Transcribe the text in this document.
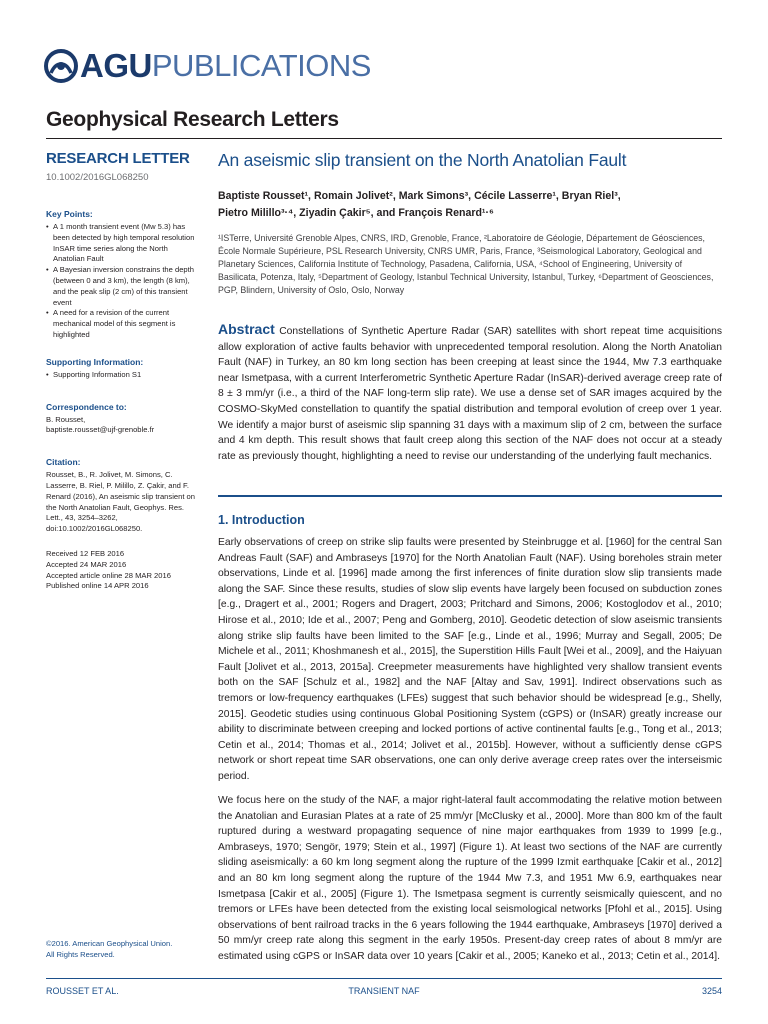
AGU PUBLICATIONS
Geophysical Research Letters
RESEARCH LETTER
10.1002/2016GL068250
Key Points:
• A 1 month transient event (Mw 5.3) has been detected by high temporal resolution InSAR time series along the North Anatolian Fault
• A Bayesian inversion constrains the depth (between 0 and 3 km), the length (8 km), and the peak slip (2 cm) of this transient event
• A need for a revision of the current mechanical model of this segment is highlighted
Supporting Information:
• Supporting Information S1
Correspondence to:
B. Rousset,
baptiste.rousset@ujf-grenoble.fr
Citation:
Rousset, B., R. Jolivet, M. Simons, C. Lasserre, B. Riel, P. Milillo, Z. Çakir, and F. Renard (2016), An aseismic slip transient on the North Anatolian Fault, Geophys. Res. Lett., 43, 3254–3262, doi:10.1002/2016GL068250.
Received 12 FEB 2016
Accepted 24 MAR 2016
Accepted article online 28 MAR 2016
Published online 14 APR 2016
©2016. American Geophysical Union.
All Rights Reserved.
An aseismic slip transient on the North Anatolian Fault
Baptiste Rousset¹, Romain Jolivet², Mark Simons³, Cécile Lasserre¹, Bryan Riel³,
Pietro Milillo³·⁴, Ziyadin Çakir⁵, and François Renard¹·⁶
¹ISTerre, Université Grenoble Alpes, CNRS, IRD, Grenoble, France, ²Laboratoire de Géologie, Département de Géosciences, École Normale Supérieure, PSL Research University, CNRS UMR, Paris, France, ³Seismological Laboratory, Geological and Planetary Sciences, California Institute of Technology, Pasadena, California, USA, ⁴School of Engineering, University of Basilicata, Potenza, Italy, ⁵Department of Geology, Istanbul Technical University, Istanbul, Turkey, ⁶Department of Geosciences, PGP, Blindern, University of Oslo, Oslo, Norway
Abstract Constellations of Synthetic Aperture Radar (SAR) satellites with short repeat time acquisitions allow exploration of active faults behavior with unprecedented temporal resolution. Along the North Anatolian Fault (NAF) in Turkey, an 80 km long section has been creeping at least since the 1944, Mw 7.3 earthquake near Ismetpasa, with a current Interferometric Synthetic Aperture Radar (InSAR)-derived average creep rate of 8 ± 3 mm/yr (i.e., a third of the NAF long-term slip rate). We use a dense set of SAR images acquired by the COSMO-SkyMed constellation to quantify the spatial distribution and temporal evolution of creep over 1 year. We identify a major burst of aseismic slip spanning 31 days with a maximum slip of 2 cm, between the surface and 4 km depth. This result shows that fault creep along this section of the NAF does not occur at a steady rate as previously thought, highlighting a need to revise our understanding of the underlying fault mechanics.
1. Introduction
Early observations of creep on strike slip faults were presented by Steinbrugge et al. [1960] for the central San Andreas Fault (SAF) and Ambraseys [1970] for the North Anatolian Fault (NAF). Using boreholes strain meter observations, Linde et al. [1996] made among the first inferences of finite duration slow slip transients made along the SAF. Since these results, studies of slow slip events have largely been focused on subduction zones [e.g., Dragert et al., 2001; Rogers and Dragert, 2003; Pritchard and Simons, 2006; Kostoglodov et al., 2010; Hirose et al., 2010; Ide et al., 2007; Peng and Gomberg, 2010]. Geodetic detection of slow aseismic transients along strike slip faults have been limited to the SAF [e.g., Linde et al., 1996; Murray and Segall, 2005; De Michele et al., 2011; Khoshmanesh et al., 2015], the Superstition Hills Fault [Wei et al., 2009], and the Haiyuan Fault [Jolivet et al., 2013, 2015a]. Creepmeter measurements have highlighted very shallow transient events both on the SAF [Schulz et al., 1982] and the NAF [Altay and Sav, 1991]. Indirect observations such as tremors or low-frequency earthquakes (LFEs) suggest that such behavior should be widespread [e.g., Shelly, 2015]. Geodetic studies using continuous Global Positioning System (cGPS) or (InSAR) greatly increase our ability to discriminate between creeping and locked portions of active continental faults [e.g., Tong et al., 2013; Cetin et al., 2014; Thomas et al., 2014; Jolivet et al., 2015b]. However, without a sufficiently dense cGPS network or short repeat time SAR observations, one can only derive average creep rates over the interseismic period.
We focus here on the study of the NAF, a major right-lateral fault accommodating the relative motion between the Anatolian and Eurasian Plates at a rate of 25 mm/yr [McClusky et al., 2000]. More than 800 km of the fault ruptured during a westward propagating sequence of nine major earthquakes from 1939 to 1999 [e.g., Ambraseys, 1970; Sengör, 1979; Stein et al., 1997] (Figure 1). At least two sections of the NAF are currently sliding aseismically: a 60 km long segment along the rupture of the 1999 Izmit earthquake [Cakir et al., 2012] and an 80 km long segment along the rupture of the 1944 Mw 7.3, and 1951 Mw 6.9, earthquakes near Ismetpasa [Cakir et al., 2005] (Figure 1). The Ismetpasa segment is currently seismically quiescent, and no tremors or LFEs have been detected from the existing local seismological networks [Pfohl et al., 2015]. Using observations of bent railroad tracks in the 6 years following the 1944 earthquake, Ambraseys [1970] derived a 50 mm/yr creep rate along this segment in the early 1950s. Present-day creep rates of about 8 mm/yr are estimated using cGPS or InSAR data over 10 years [Cakir et al., 2005; Kaneko et al., 2013; Cetin et al., 2014].
ROUSSET ET AL.	TRANSIENT NAF	3254
